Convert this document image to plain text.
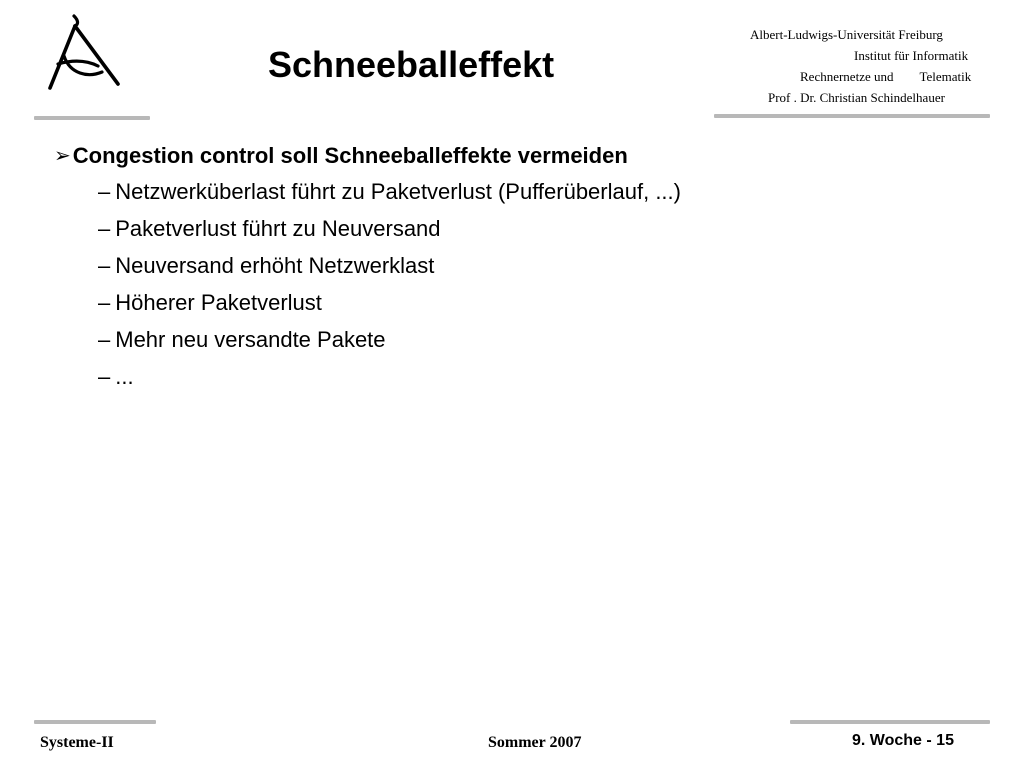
Schneeballeffekt
Albert-Ludwigs-Universität Freiburg
Institut für Informatik
Rechnernetze und Telematik
Prof . Dr. Christian Schindelhauer
➢ Congestion control soll Schneeballeffekte vermeiden
– Netzwerküberlast führt zu Paketverlust (Pufferüberlauf, ...)
– Paketverlust führt zu Neuversand
– Neuversand erhöht Netzwerklast
– Höherer Paketverlust
– Mehr neu versandte Pakete
– ...
Systeme-II	Sommer 2007	9. Woche - 15
